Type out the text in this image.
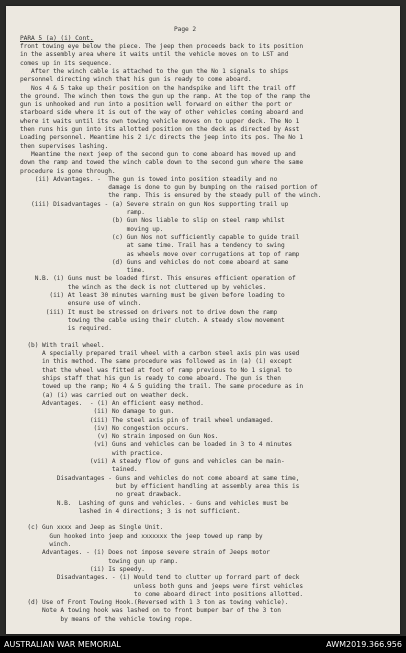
Page 2
PARA 5 (a) (i) Cont.
front towing eye below the piece. The jeep then proceeds back to its position
in the assembly area where it waits until the vehicle moves on to LST and
comes up in its sequence.
After the winch cable is attached to the gun the No 1 signals to ships
personnel directing winch that his gun is ready to come aboard.
Nos 4 & 5 take up their position on the handspike and lift the trail off
the ground. The winch then tows the gun up the ramp. At the top of the ramp the
gun is unhooked and run into a position well forward on either the port or
starboard side where it is out of the way of other vehicles coming aboard and
where it waits until its own towing vehicle moves on to upper deck. The No 1
then runs his gun into its allotted position on the deck as directed by Asst
Loading personnel. Meantime his 2 i/c directs the jeep into its pos. The No 1
then supervises lashing.
Meantime the next jeep of the second gun to come aboard has moved up and
down the ramp and towed the winch cable down to the second gun where the same
procedure is gone through.
(ii) Advantages. -  The gun is towed into position steadily and no
damage is done to gun by bumping on the raised portion of
the ramp. This is ensured by the steady pull of the winch.
(iii) Disadvantages - (a) Severe strain on gun Nos supporting trail up
ramp.
(b) Gun Nos liable to slip on steel ramp whilst
moving up.
(c) Gun Nos not sufficiently capable to guide trail
at same time. Trail has a tendency to swing
as wheels move over corrugations at top of ramp
(d) Guns and vehicles do not come aboard at same
time.
N.B. (i) Guns must be loaded first. This ensures efficient operation of
the winch as the deck is not cluttered up by vehicles.
(ii) At least 30 minutes warning must be given before loading to
ensure use of winch.
(iii) It must be stressed on drivers not to drive down the ramp
towing the cable using their clutch. A steady slow movement
is required.
(b) With trail wheel.
A specially prepared trail wheel with a carbon steel axis pin was used
in this method. The same procedure was followed as in (a) (i) except
that the wheel was fitted at foot of ramp previous to No 1 signal to
ships staff that his gun is ready to come aboard. The gun is then
towed up the ramp; No 4 & 5 guiding the trail. The same procedure as in
(a) (i) was carried out on weather deck.
Advantages.  - (i) An efficient easy method.
(ii) No damage to gun.
(iii) The steel axis pin of trail wheel undamaged.
(iv) No congestion occurs.
(v) No strain imposed on Gun Nos.
(vi) Guns and vehicles can be loaded in 3 to 4 minutes
with practice.
(vii) A steady flow of guns and vehicles can be main-
tained.
Disadvantages - Guns and vehicles do not come aboard at same time,
but by efficient handling at assembly area this is
no great drawback.
N.B.  Lashing of guns and vehicles. - Guns and vehicles must be
lashed in 4 directions; 3 is not sufficient.
(c) Gun xxxx and Jeep as Single Unit.
Gun hooked into jeep and xxxxxxx the jeep towed up ramp by
winch.
Advantages. - (i) Does not impose severe strain of Jeeps motor
towing gun up ramp.
(ii) Is speedy.
Disadvantages. - (i) Would tend to clutter up forrard part of deck
unless both guns and jeeps were first vehicles
to come aboard direct into positions allotted.
(d) Use of Front Towing Hook.(Reversed with 1 3 ton as towing vehicle).
Note A towing hook was lashed on to front bumper bar of the 3 ton
by means of the vehicle towing rope.
AUSTRALIAN WAR MEMORIAL	AWM2019.366.956
